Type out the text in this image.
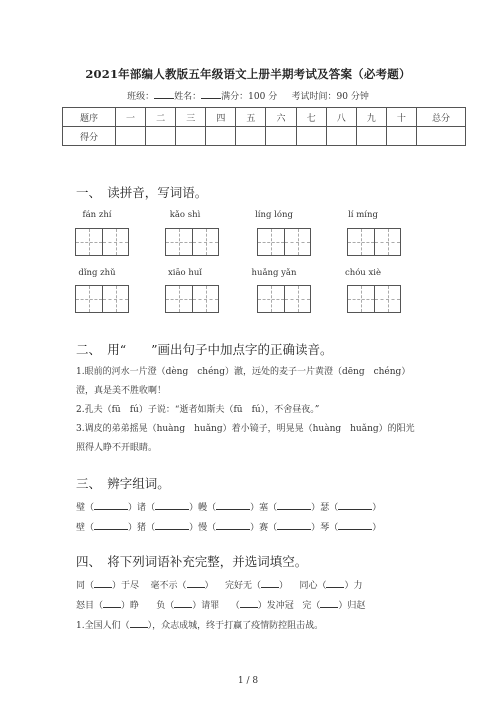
2021年部编人教版五年级语文上册半期考试及答案（必考题）
班级： 姓名： 满分：100 分 考试时间：90 分钟
题序	一	二	三	四	五	六	七	八	九	十	总分
得分											
一、　读拼音，写词语。
fán zhí	kǎo shì	líng lóng	lí míng
dǐng zhǔ	xiāo huǐ	huǎng yǎn	chóu xiè
二、　用“　　”画出句子中加点字的正确读音。
1.眼前的河水一片澄（dèng　chéng）澈，远处的麦子一片黄澄（dēng　chéng）
澄，真是美不胜收啊！
2.孔夫（fū　fú）子说：“逝者如斯夫（fū　fú），不舍昼夜。”
3.调皮的弟弟摇晃（huàng　huǎng）着小镜子，明晃晃（huàng　huǎng）的阳光
照得人睁不开眼睛。
三、　辨字组词。
璧（	）诸（	）幔（	）塞（	）瑟（	）
壁（	）猪（	）慢（	）赛（	）琴（	）
四、　将下列词语补充完整，并选词填空。
同（ ）于尽 毫不示（ ） 完好无（ ） 同心（ ）力
怒目（ ）睁 负（ ）请罪 （ ）发冲冠 完（ ）归赵
1.全国人们（ ），众志成城，终于打赢了疫情防控阻击战。
1 / 8
